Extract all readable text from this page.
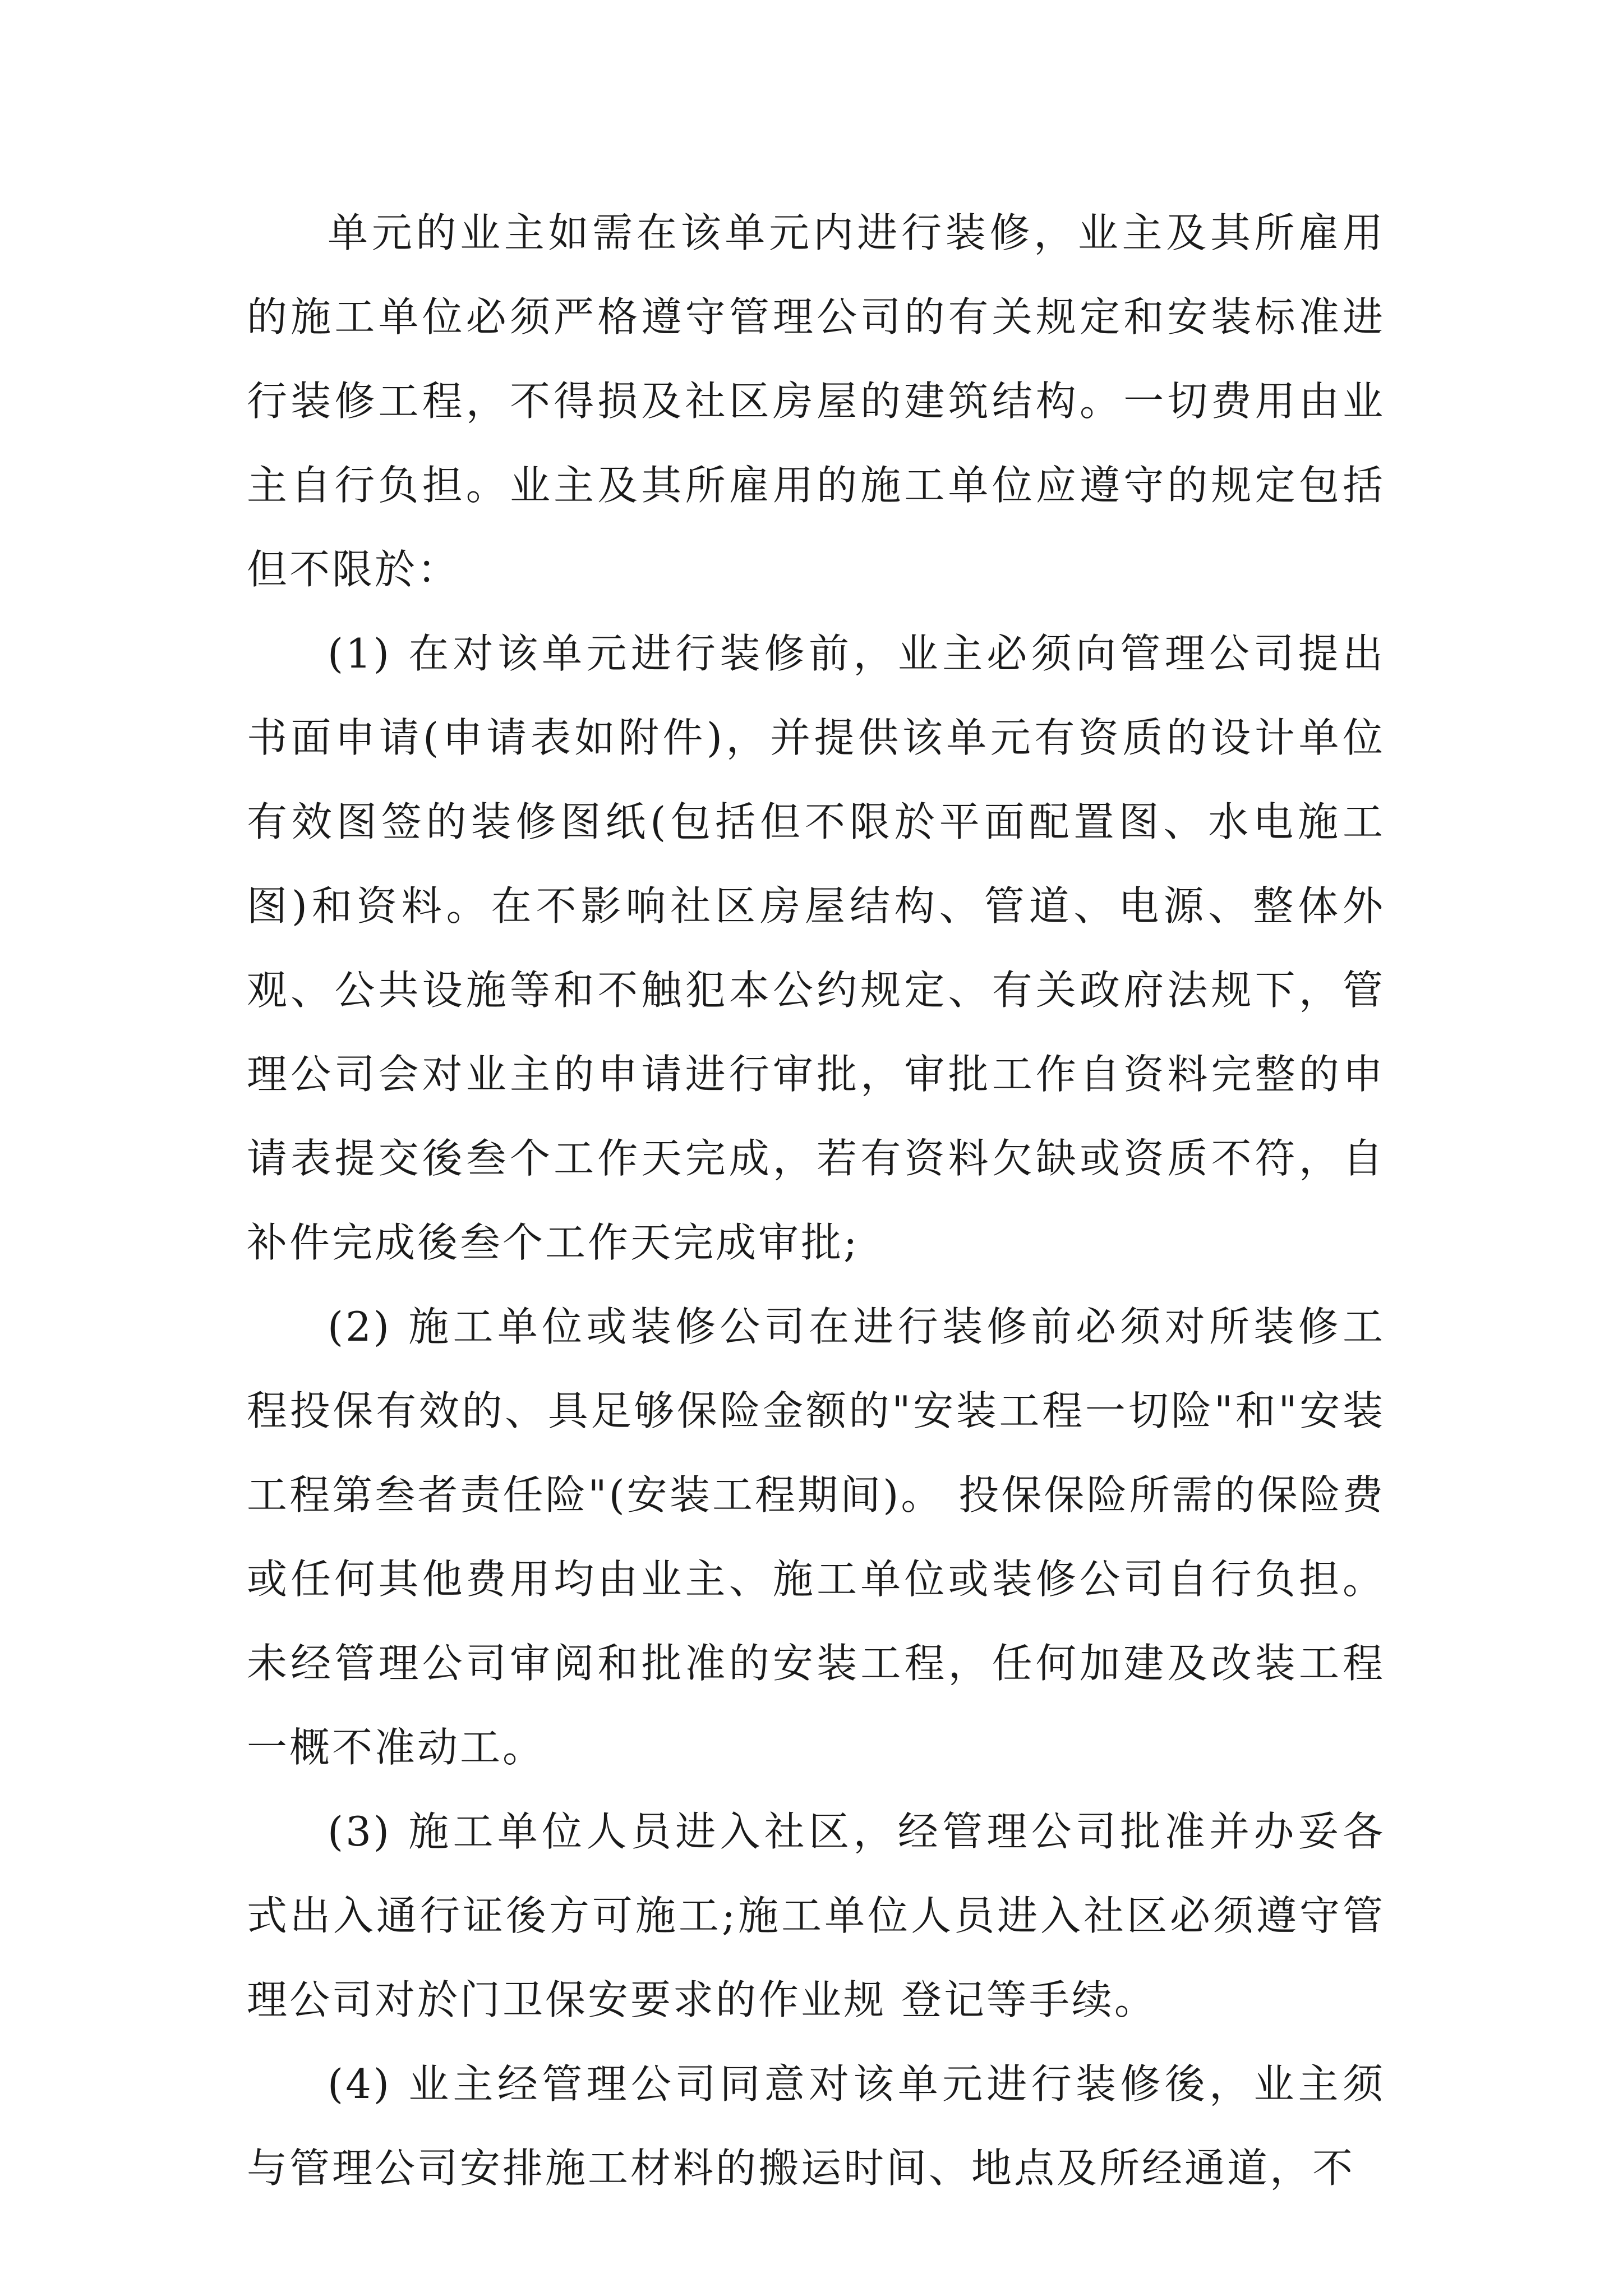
单元的业主如需在该单元内进行装修，业主及其所雇用的施工单位必须严格遵守管理公司的有关规定和安装标准进行装修工程，不得损及社区房屋的建筑结构。一切费用由业主自行负担。业主及其所雇用的施工单位应遵守的规定包括但不限於：

(1) 在对该单元进行装修前，业主必须向管理公司提出书面申请(申请表如附件)，并提供该单元有资质的设计单位有效图签的装修图纸(包括但不限於平面配置图、水电施工图)和资料。在不影响社区房屋结构、管道、电源、整体外观、公共设施等和不触犯本公约规定、有关政府法规下，管理公司会对业主的申请进行审批，审批工作自资料完整的申请表提交後叁个工作天完成，若有资料欠缺或资质不符，自补件完成後叁个工作天完成审批;

(2) 施工单位或装修公司在进行装修前必须对所装修工程投保有效的、具足够保险金额的"安装工程一切险"和"安装工程第叁者责任险"(安装工程期间)。 投保保险所需的保险费或任何其他费用均由业主、施工单位或装修公司自行负担。未经管理公司审阅和批准的安装工程，任何加建及改装工程一概不准动工。

(3) 施工单位人员进入社区，经管理公司批准并办妥各式出入通行证後方可施工;施工单位人员进入社区必须遵守管理公司对於门卫保安要求的作业规 登记等手续。

(4) 业主经管理公司同意对该单元进行装修後，业主须与管理公司安排施工材料的搬运时间、地点及所经通道，不
